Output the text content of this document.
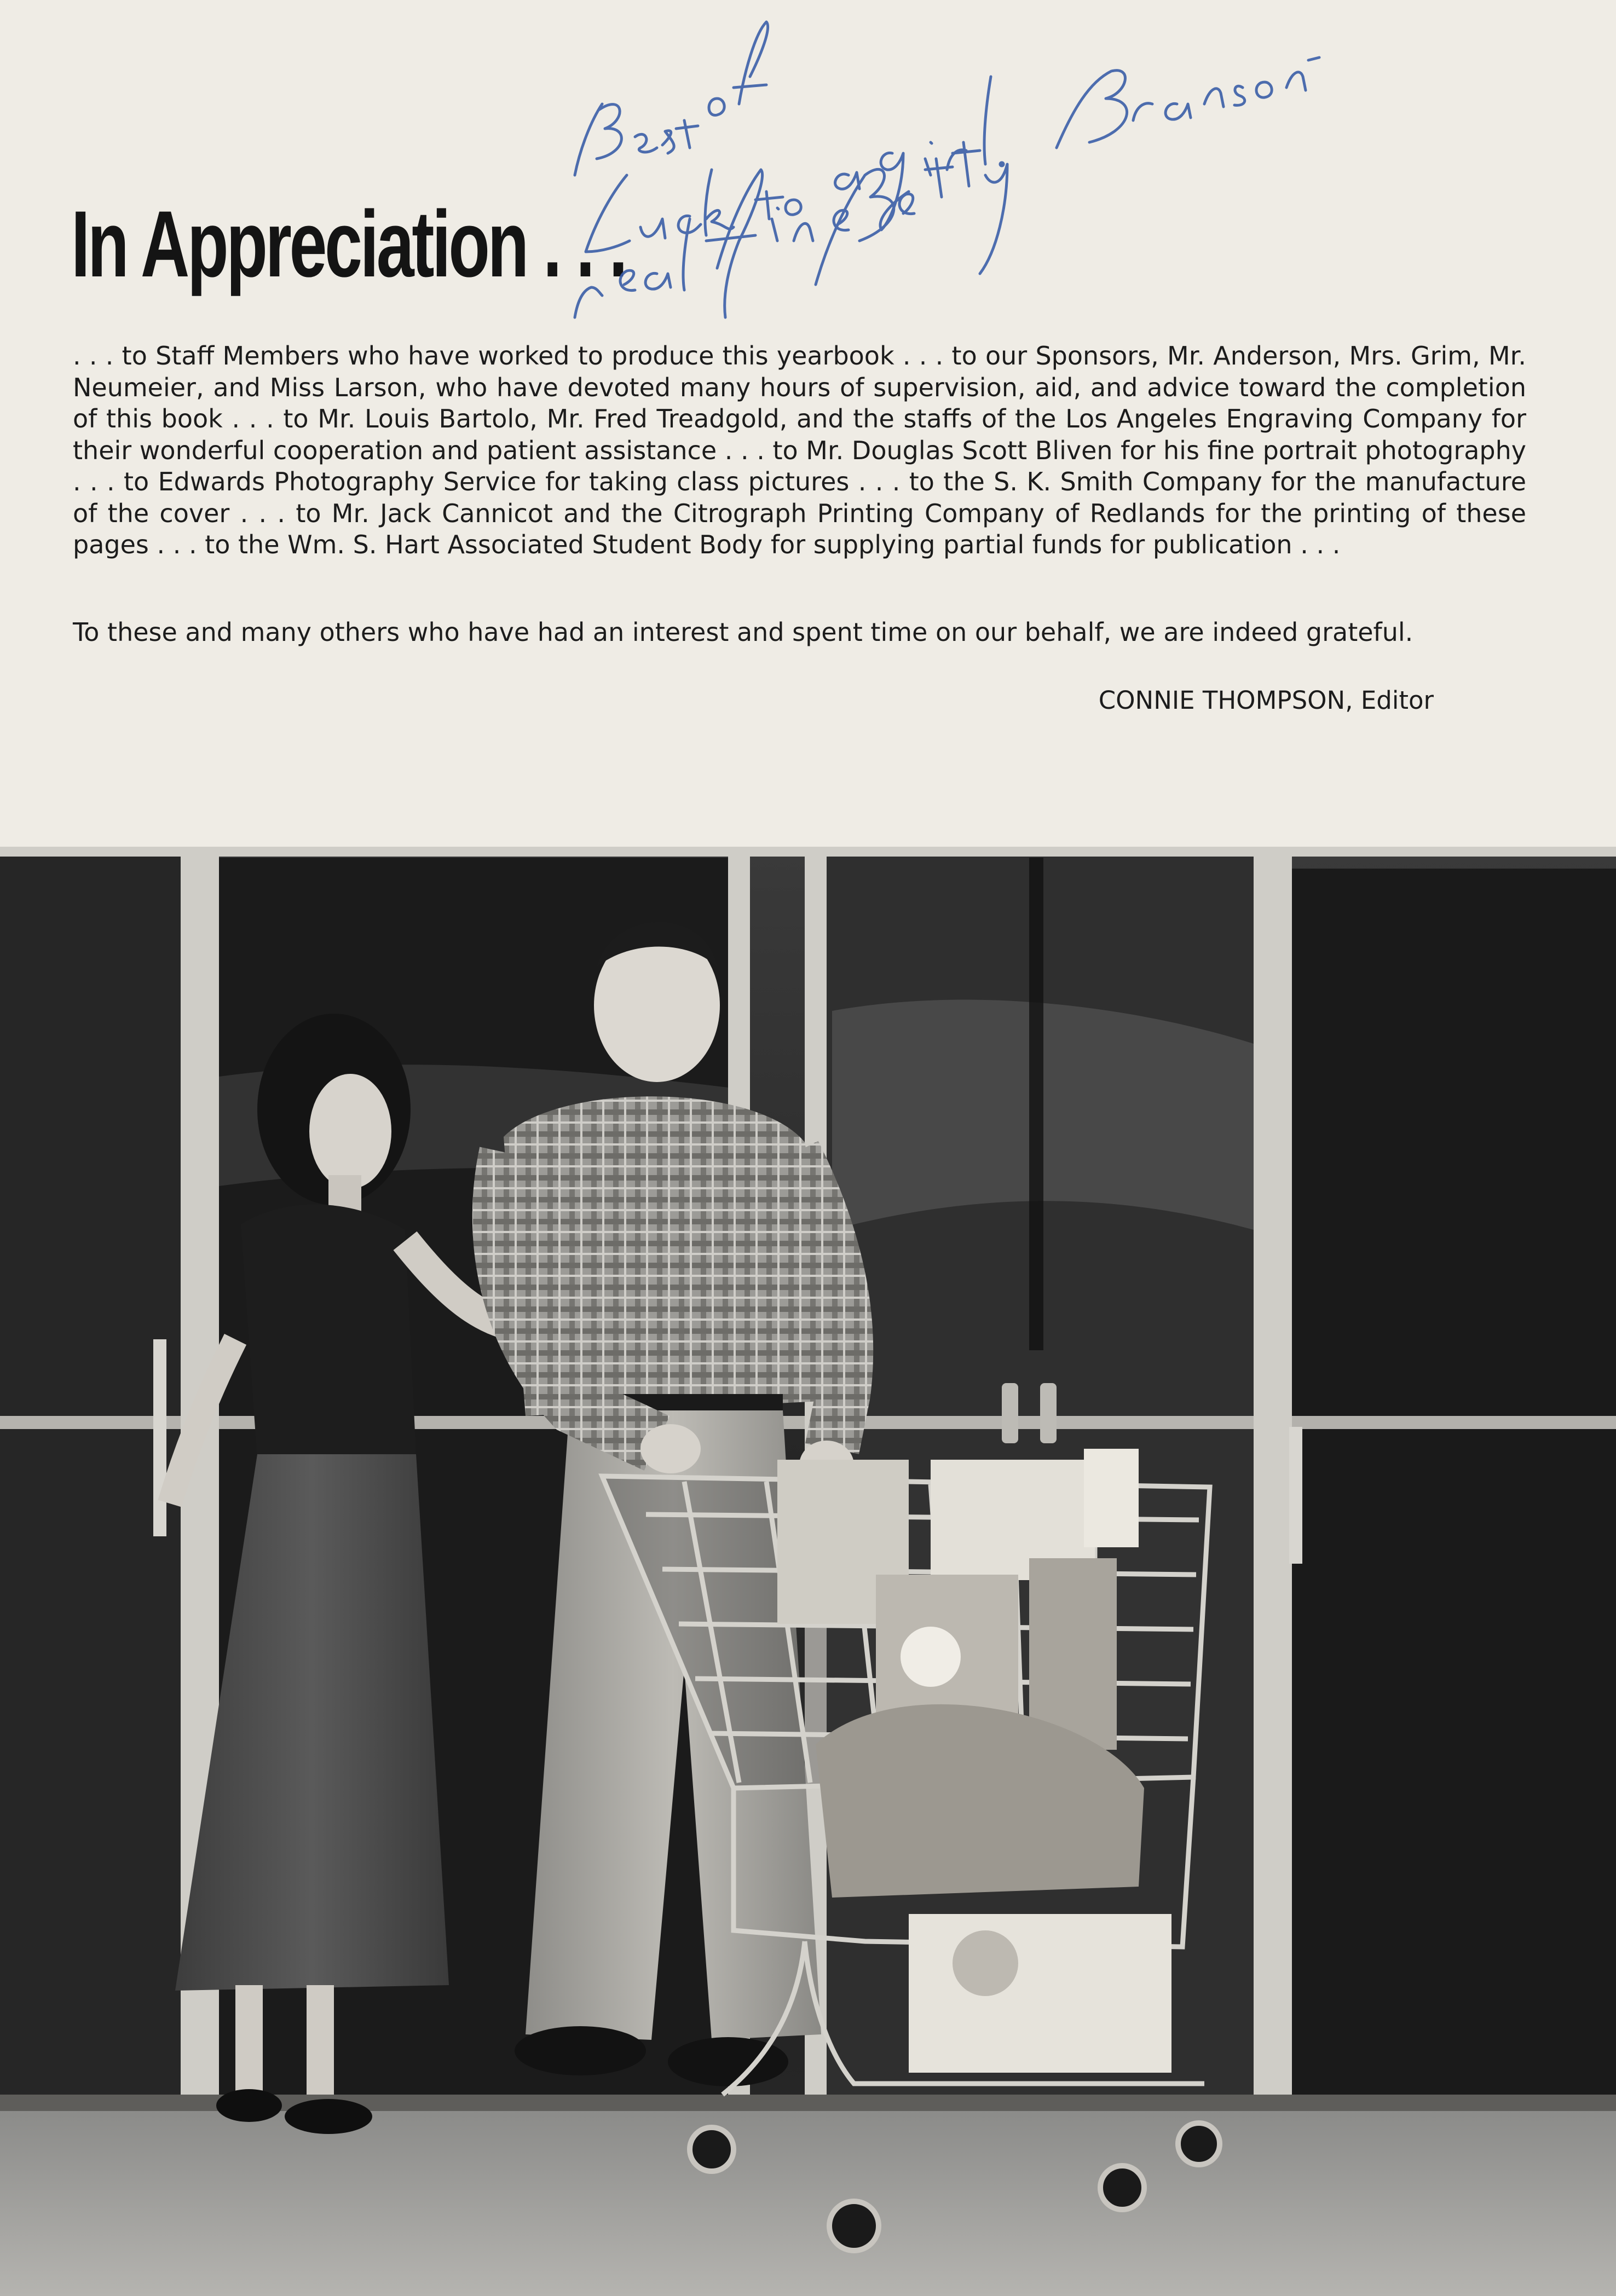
In Appreciation . . .

. . . to Staff Members who have worked to produce this yearbook . . . to our Sponsors, Mr. Anderson, Mrs. Grim, Mr. Neumeier, and Miss Larson, who have devoted many hours of supervision, aid, and advice toward the completion of this book . . . to Mr. Louis Bartolo, Mr. Fred Treadgold, and the staffs of the Los Angeles Engraving Company for their wonderful cooperation and patient assistance . . . to Mr. Douglas Scott Bliven for his fine portrait photography . . . to Edwards Photography Service for taking class pictures . . . to the S. K. Smith Company for the manufacture of the cover . . . to Mr. Jack Cannicot and the Citrograph Printing Company of Redlands for the printing of these pages . . . to the Wm. S. Hart Associated Student Body for supplying partial funds for publication . . .

To these and many others who have had an interest and spent time on our behalf, we are indeed grateful.
CONNIE THOMPSON, Editor
